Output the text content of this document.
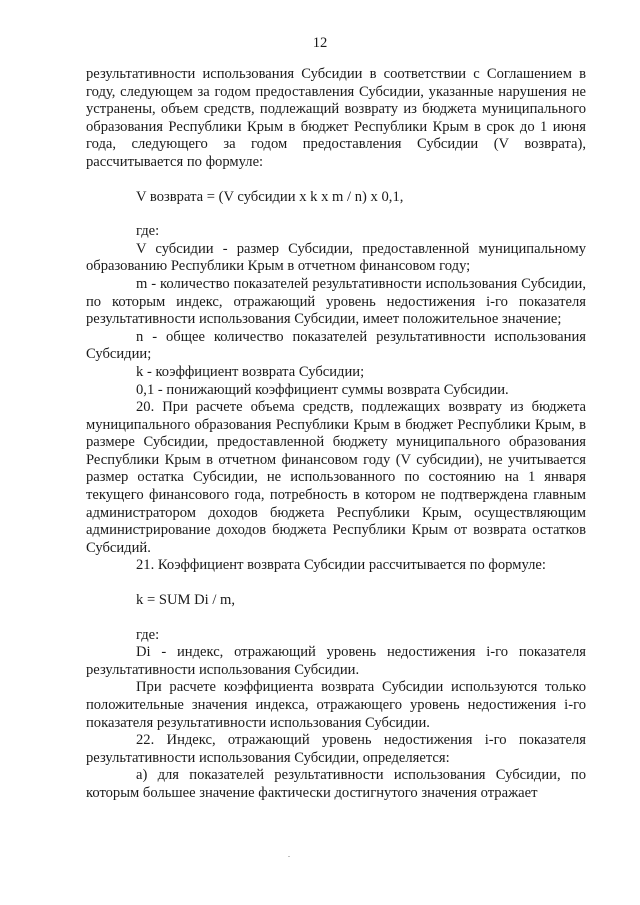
12

результативности использования Субсидии в соответствии с Соглашением в году, следующем за годом предоставления Субсидии, указанные нарушения не устранены, объем средств, подлежащий возврату из бюджета муниципального образования Республики Крым в бюджет Республики Крым в срок до 1 июня года, следующего за годом предоставления Субсидии (V возврата), рассчитывается по формуле:

V возврата = (V субсидии x k x m / n) x 0,1,

где:

V субсидии - размер Субсидии, предоставленной муниципальному образованию Республики Крым в отчетном финансовом году;

m - количество показателей результативности использования Субсидии, по которым индекс, отражающий уровень недостижения i-го показателя результативности использования Субсидии, имеет положительное значение;

n - общее количество показателей результативности использования Субсидии;

k - коэффициент возврата Субсидии;

0,1 - понижающий коэффициент суммы возврата Субсидии.

20. При расчете объема средств, подлежащих возврату из бюджета муниципального образования Республики Крым в бюджет Республики Крым, в размере Субсидии, предоставленной бюджету муниципального образования Республики Крым в отчетном финансовом году (V субсидии), не учитывается размер остатка Субсидии, не использованного по состоянию на 1 января текущего финансового года, потребность в котором не подтверждена главным администратором доходов бюджета Республики Крым, осуществляющим администрирование доходов бюджета Республики Крым от возврата остатков Субсидий.

21. Коэффициент возврата Субсидии рассчитывается по формуле:

k = SUM Di / m,

где:

Di - индекс, отражающий уровень недостижения i-го показателя результативности использования Субсидии.

При расчете коэффициента возврата Субсидии используются только положительные значения индекса, отражающего уровень недостижения i-го показателя результативности использования Субсидии.

22. Индекс, отражающий уровень недостижения i-го показателя результативности использования Субсидии, определяется:

а) для показателей результативности использования Субсидии, по которым большее значение фактически достигнутого значения отражает
